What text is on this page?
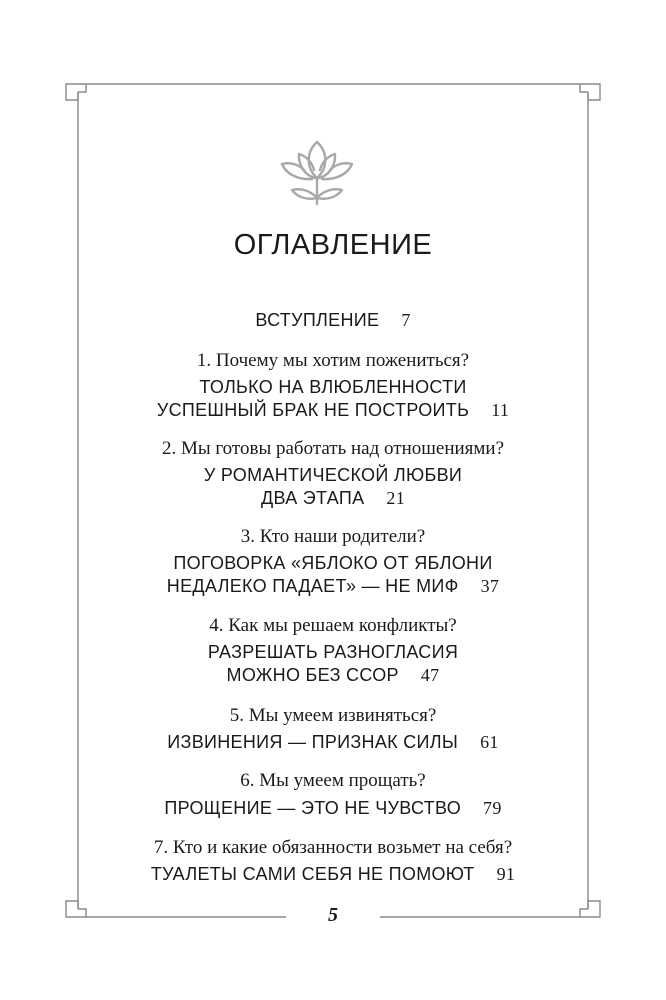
ОГЛАВЛЕНИЕ
ВСТУПЛЕНИЕ 7
1. Почему мы хотим пожениться?
ТОЛЬКО НА ВЛЮБЛЕННОСТИ
УСПЕШНЫЙ БРАК НЕ ПОСТРОИТЬ 11
2. Мы готовы работать над отношениями?
У РОМАНТИЧЕСКОЙ ЛЮБВИ
ДВА ЭТАПА 21
3. Кто наши родители?
ПОГОВОРКА «ЯБЛОКО ОТ ЯБЛОНИ
НЕДАЛЕКО ПАДАЕТ» — НЕ МИФ 37
4. Как мы решаем конфликты?
РАЗРЕШАТЬ РАЗНОГЛАСИЯ
МОЖНО БЕЗ ССОР 47
5. Мы умеем извиняться?
ИЗВИНЕНИЯ — ПРИЗНАК СИЛЫ 61
6. Мы умеем прощать?
ПРОЩЕНИЕ — ЭТО НЕ ЧУВСТВО 79
7. Кто и какие обязанности возьмет на себя?
ТУАЛЕТЫ САМИ СЕБЯ НЕ ПОМОЮТ 91
5
